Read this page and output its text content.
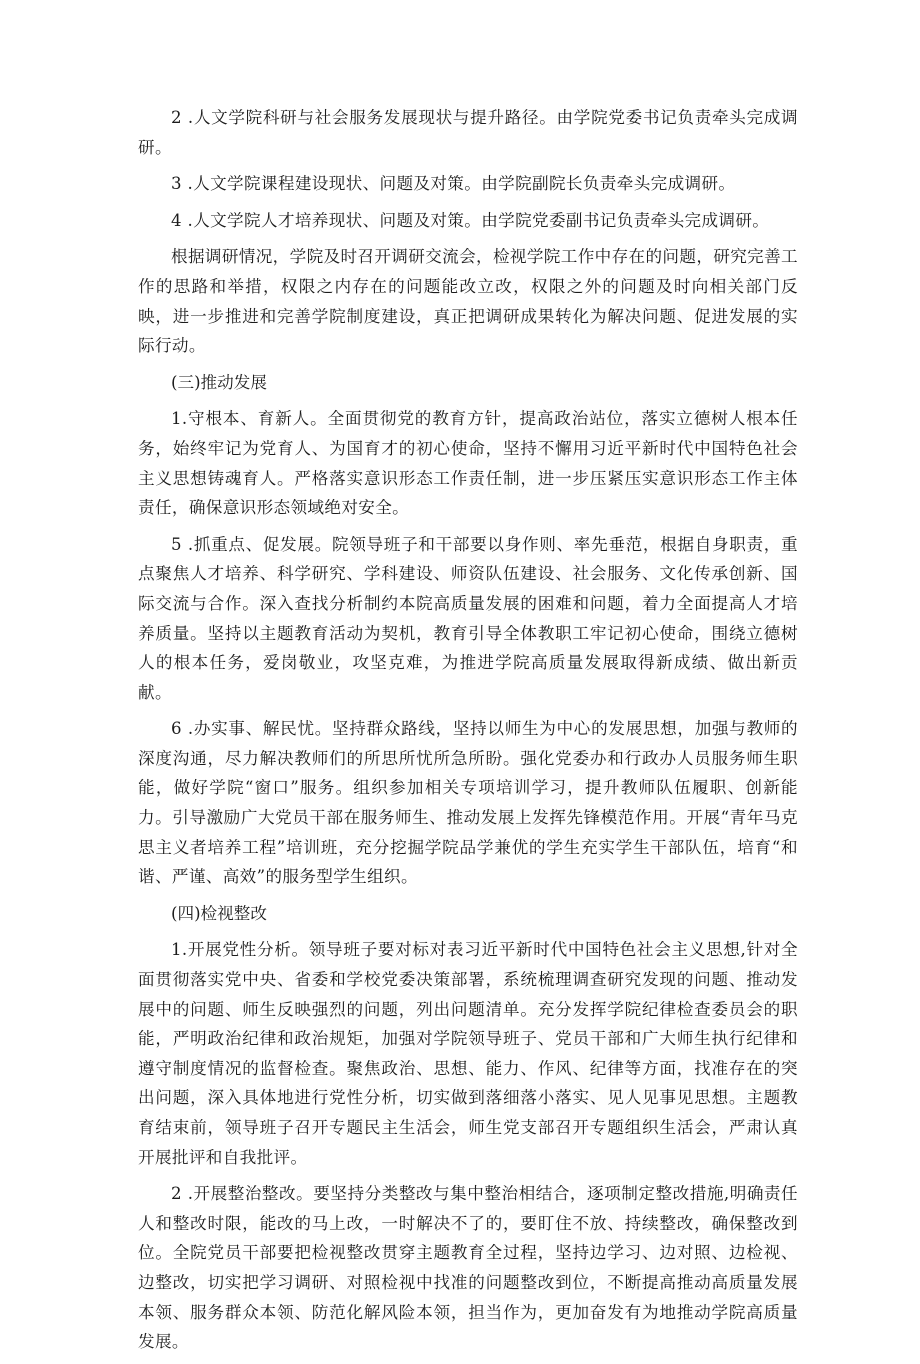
2 .人文学院科研与社会服务发展现状与提升路径。由学院党委书记负责牵头完成调研。

3 .人文学院课程建设现状、问题及对策。由学院副院长负责牵头完成调研。

4 .人文学院人才培养现状、问题及对策。由学院党委副书记负责牵头完成调研。

根据调研情况，学院及时召开调研交流会，检视学院工作中存在的问题，研究完善工作的思路和举措，权限之内存在的问题能改立改，权限之外的问题及时向相关部门反映，进一步推进和完善学院制度建设，真正把调研成果转化为解决问题、促进发展的实际行动。

(三)推动发展

1.守根本、育新人。全面贯彻党的教育方针，提高政治站位，落实立德树人根本任务，始终牢记为党育人、为国育才的初心使命，坚持不懈用习近平新时代中国特色社会主义思想铸魂育人。严格落实意识形态工作责任制，进一步压紧压实意识形态工作主体责任，确保意识形态领域绝对安全。

5 .抓重点、促发展。院领导班子和干部要以身作则、率先垂范，根据自身职责，重点聚焦人才培养、科学研究、学科建设、师资队伍建设、社会服务、文化传承创新、国际交流与合作。深入查找分析制约本院高质量发展的困难和问题，着力全面提高人才培养质量。坚持以主题教育活动为契机，教育引导全体教职工牢记初心使命，围绕立德树人的根本任务，爱岗敬业，攻坚克难，为推进学院高质量发展取得新成绩、做出新贡献。

6 .办实事、解民忧。坚持群众路线，坚持以师生为中心的发展思想，加强与教师的深度沟通，尽力解决教师们的所思所忧所急所盼。强化党委办和行政办人员服务师生职能，做好学院“窗口”服务。组织参加相关专项培训学习，提升教师队伍履职、创新能力。引导激励广大党员干部在服务师生、推动发展上发挥先锋模范作用。开展“青年马克思主义者培养工程”培训班，充分挖掘学院品学兼优的学生充实学生干部队伍，培育“和谐、严谨、高效”的服务型学生组织。

(四)检视整改

1.开展党性分析。领导班子要对标对表习近平新时代中国特色社会主义思想,针对全面贯彻落实党中央、省委和学校党委决策部署，系统梳理调查研究发现的问题、推动发展中的问题、师生反映强烈的问题，列出问题清单。充分发挥学院纪律检查委员会的职能，严明政治纪律和政治规矩，加强对学院领导班子、党员干部和广大师生执行纪律和遵守制度情况的监督检查。聚焦政治、思想、能力、作风、纪律等方面，找准存在的突出问题，深入具体地进行党性分析，切实做到落细落小落实、见人见事见思想。主题教育结束前，领导班子召开专题民主生活会，师生党支部召开专题组织生活会，严肃认真开展批评和自我批评。

2 .开展整治整改。要坚持分类整改与集中整治相结合，逐项制定整改措施,明确责任人和整改时限，能改的马上改，一时解决不了的，要盯住不放、持续整改，确保整改到位。全院党员干部要把检视整改贯穿主题教育全过程，坚持边学习、边对照、边检视、边整改，切实把学习调研、对照检视中找准的问题整改到位，不断提高推动高质量发展本领、服务群众本领、防范化解风险本领，担当作为，更加奋发有为地推动学院高质量发展。
